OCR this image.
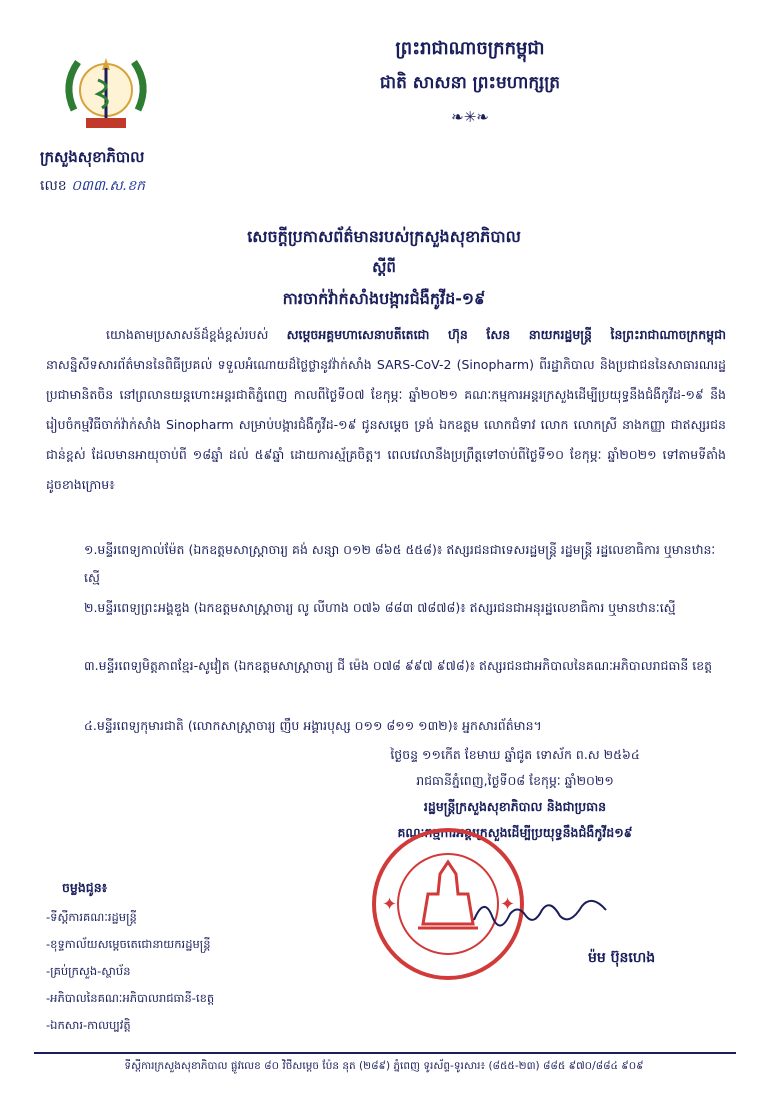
ក្រសួងសុខាភិបាល
លេខ ០៣៣.ស.ខក
ព្រះរាជាណាចក្រកម្ពុជា
ជាតិ សាសនា ព្រះមហាក្សត្រ
❧✳❧
សេចក្តីប្រកាសព័ត៌មានរបស់ក្រសួងសុខាភិបាល
ស្តីពី
ការចាក់វ៉ាក់សាំងបង្ការជំងឺកូវីដ-១៩
យោងតាមប្រសាសន៍ដ៏ខ្ពង់ខ្ពស់របស់ សម្តេចអគ្គមហាសេនាបតីតេជោ ហ៊ុន សែន នាយករដ្ឋមន្ត្រី នៃព្រះរាជាណាចក្រកម្ពុជា នាសន្និសីទសារព័ត៌មាននៃពិធីប្រគល់ ទទួលអំណោយដ៏ថ្លៃថ្លានូវវ៉ាក់សាំង SARS-CoV-2 (Sinopharm) ពីរដ្ឋាភិបាល និងប្រជាជននៃសាធារណរដ្ឋប្រជាមានិតចិន នៅព្រលានយន្តហោះអន្តរជាតិភ្នំពេញ កាលពីថ្ងៃទី០៧ ខែកុម្ភៈ ឆ្នាំ២០២១ គណៈកម្មការអន្តរក្រសួងដើម្បីប្រយុទ្ធនឹងជំងឺកូវីដ-១៩ នឹងរៀបចំកម្មវិធីចាក់វ៉ាក់សាំង Sinopharm សម្រាប់បង្ការជំងឺកូវីដ-១៩ ជូនសម្តេច ទ្រង់ ឯកឧត្តម លោកជំទាវ លោក លោកស្រី នាងកញ្ញា ជាឥស្សរជនជាន់ខ្ពស់ ដែលមានអាយុចាប់ពី ១៨ឆ្នាំ ដល់ ៥៩ឆ្នាំ ដោយការស្ម័គ្រចិត្ត។ ពេលវេលានឹងប្រព្រឹត្តទៅចាប់ពីថ្ងៃទី១០ ខែកុម្ភៈ ឆ្នាំ២០២១ ទៅតាមទីតាំង ដូចខាងក្រោម៖
១.មន្ទីរពេទ្យកាល់ម៉ែត (ឯកឧត្តមសាស្ត្រាចារ្យ គង់ សន្សា ០១២ ៨៦៥ ៥៥៨)៖ ឥស្សរជនជាទេសរដ្ឋមន្ត្រី រដ្ឋមន្ត្រី រដ្ឋលេខាធិការ ឬមានឋានៈស្មើ
២.មន្ទីរពេទ្យព្រះអង្គឌួង (ឯកឧត្តមសាស្ត្រាចារ្យ លូ លីហាង ០៧៦ ៨៨៣ ៧៨៧៨)៖ ឥស្សរជនជាអនុរដ្ឋលេខាធិការ ឬមានឋានៈស្មើ
៣.មន្ទីរពេទ្យមិត្តភាពខ្មែរ-សូវៀត (ឯកឧត្តមសាស្ត្រាចារ្យ ជី ម៉េង ០៧៨ ៩៩៧ ៩៧៨)៖ ឥស្សរជនជាអភិបាលនៃគណៈអភិបាលរាជធានី ខេត្ត
៤.មន្ទីរពេទ្យកុមារជាតិ (លោកសាស្ត្រាចារ្យ ញឹប អង្គារបុស្ស ០១១ ៨១១ ១៣២)៖ អ្នកសារព័ត៌មាន។
ថ្ងៃចន្ទ ១១កើត ខែមាឃ ឆ្នាំជូត ទោស័ក ព.ស ២៥៦៤
រាជធានីភ្នំពេញ,ថ្ងៃទី០៨ ខែកុម្ភៈ ឆ្នាំ២០២១
រដ្ឋមន្ត្រីក្រសួងសុខាភិបាល និងជាប្រធាន
គណៈកម្មការអន្តរក្រសួងដើម្បីប្រយុទ្ធនឹងជំងឺកូវីដ១៩
✦	✦
ម៉ម ប៊ុនហេង
ចម្លងជូន៖
-ទីស្តីការគណៈរដ្ឋមន្ត្រី
-ខុទ្ទកាល័យសម្តេចតេជោនាយករដ្ឋមន្ត្រី
-គ្រប់ក្រសួង-ស្ថាប័ន
-អភិបាលនៃគណៈអភិបាលរាជធានី-ខេត្ត
-ឯកសារ-កាលប្បវត្តិ
ទីស្តីការក្រសួងសុខាភិបាល ផ្លូវលេខ ៨០ វិថីសម្តេច ប៉ែន នុត (២៨៩) ភ្នំពេញ ទូរស័ព្ទ-ទូរសារ៖ (៨៥៥-២៣) ៨៨៥ ៩៧០/៨៨៤ ៩០៩
